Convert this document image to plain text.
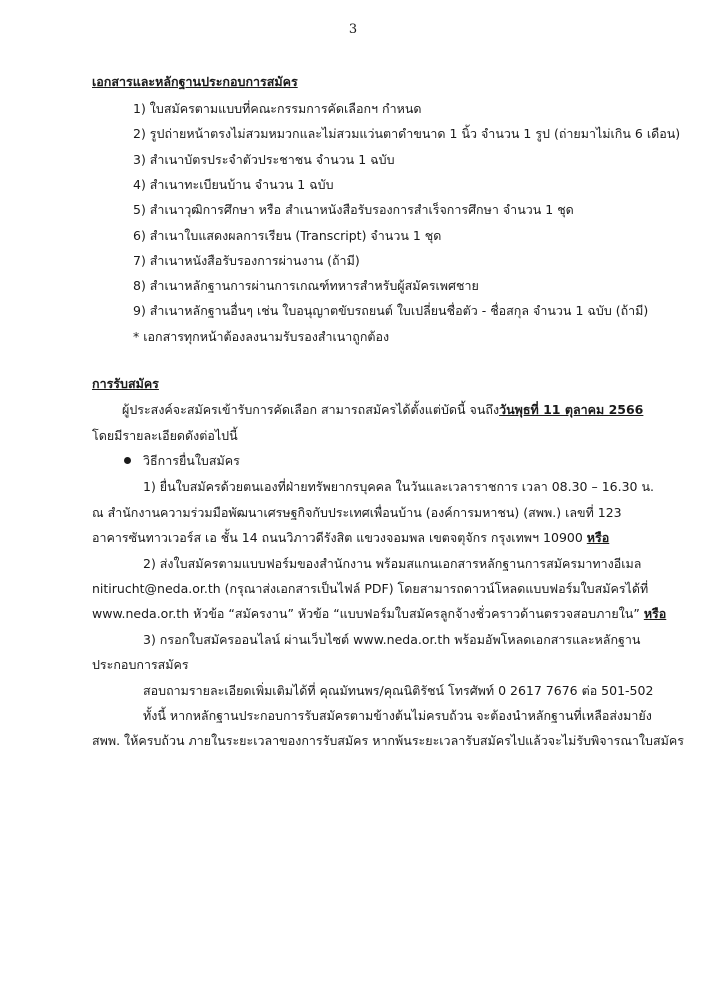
3
เอกสารและหลักฐานประกอบการสมัคร
1) ใบสมัครตามแบบที่คณะกรรมการคัดเลือกฯ กำหนด
2) รูปถ่ายหน้าตรงไม่สวมหมวกและไม่สวมแว่นตาดำขนาด 1 นิ้ว จำนวน 1 รูป (ถ่ายมาไม่เกิน 6 เดือน)
3) สำเนาบัตรประจำตัวประชาชน จำนวน 1 ฉบับ
4) สำเนาทะเบียนบ้าน จำนวน 1 ฉบับ
5) สำเนาวุฒิการศึกษา หรือ สำเนาหนังสือรับรองการสำเร็จการศึกษา จำนวน 1 ชุด
6) สำเนาใบแสดงผลการเรียน (Transcript) จำนวน 1 ชุด
7) สำเนาหนังสือรับรองการผ่านงาน (ถ้ามี)
8) สำเนาหลักฐานการผ่านการเกณฑ์ทหารสำหรับผู้สมัครเพศชาย
9) สำเนาหลักฐานอื่นๆ เช่น ใบอนุญาตขับรถยนต์ ใบเปลี่ยนชื่อตัว - ชื่อสกุล จำนวน 1 ฉบับ (ถ้ามี)
* เอกสารทุกหน้าต้องลงนามรับรองสำเนาถูกต้อง
การรับสมัคร
ผู้ประสงค์จะสมัครเข้ารับการคัดเลือก สามารถสมัครได้ตั้งแต่บัดนี้ จนถึงวันพุธที่ 11 ตุลาคม 2566
โดยมีรายละเอียดดังต่อไปนี้
วิธีการยื่นใบสมัคร
1) ยื่นใบสมัครด้วยตนเองที่ฝ่ายทรัพยากรบุคคล ในวันและเวลาราชการ เวลา 08.30 – 16.30 น.
ณ สำนักงานความร่วมมือพัฒนาเศรษฐกิจกับประเทศเพื่อนบ้าน (องค์การมหาชน) (สพพ.) เลขที่ 123
อาคารซันทาวเวอร์ส เอ ชั้น 14 ถนนวิภาวดีรังสิต แขวงจอมพล เขตจตุจักร กรุงเทพฯ 10900 หรือ
2) ส่งใบสมัครตามแบบฟอร์มของสำนักงาน พร้อมสแกนเอกสารหลักฐานการสมัครมาทางอีเมล
nitirucht@neda.or.th (กรุณาส่งเอกสารเป็นไฟล์ PDF) โดยสามารถดาวน์โหลดแบบฟอร์มใบสมัครได้ที่
www.neda.or.th หัวข้อ “สมัครงาน” หัวข้อ “แบบฟอร์มใบสมัครลูกจ้างชั่วคราวด้านตรวจสอบภายใน” หรือ
3) กรอกใบสมัครออนไลน์ ผ่านเว็บไซต์ www.neda.or.th พร้อมอัพโหลดเอกสารและหลักฐาน
ประกอบการสมัคร
สอบถามรายละเอียดเพิ่มเติมได้ที่ คุณมัทนพร/คุณนิติรัชน์ โทรศัพท์ 0 2617 7676 ต่อ 501-502
ทั้งนี้ หากหลักฐานประกอบการรับสมัครตามข้างต้นไม่ครบถ้วน จะต้องนำหลักฐานที่เหลือส่งมายัง
สพพ. ให้ครบถ้วน ภายในระยะเวลาของการรับสมัคร หากพ้นระยะเวลารับสมัครไปแล้วจะไม่รับพิจารณาใบสมัคร
